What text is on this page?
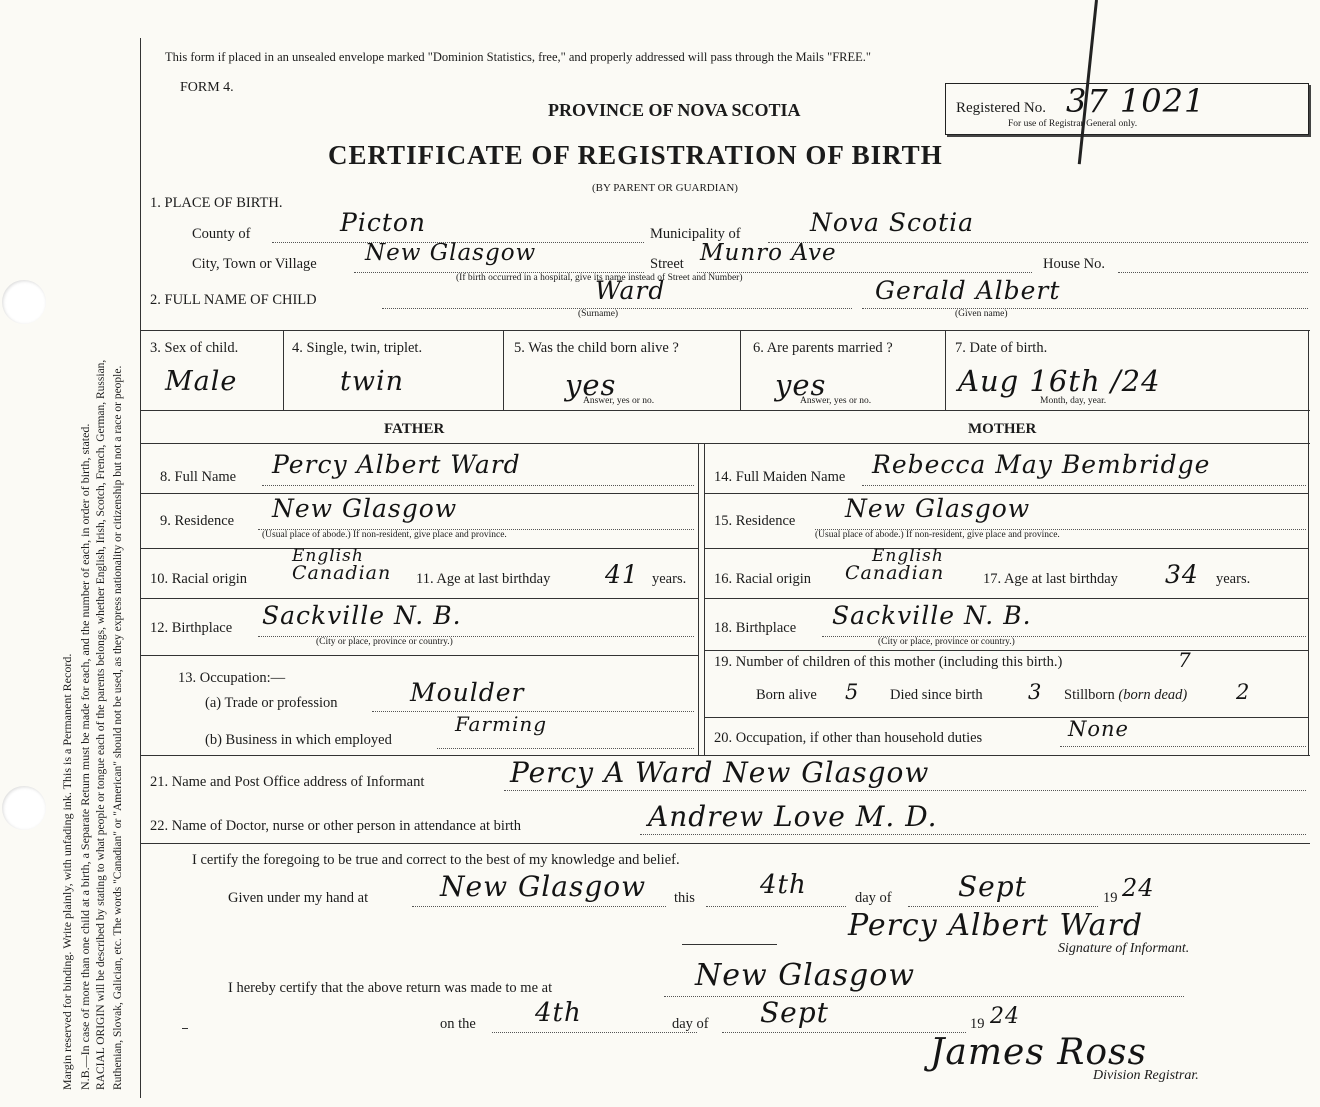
Margin reserved for binding. Write plainly, with unfading ink. This is a Permanent Record. N.B.—In case of more than one child at a birth, a Separate Return must be made for each, and the number of each, in order of birth, stated. RACIAL ORIGIN will be described by stating to what people or tongue each of the parents belongs, whether English, Irish, Scotch, French, German, Russian, Ruthenian, Slovak, Galician, etc. The words "Canadian" or "American" should not be used, as they express nationality or citizenship but not a race or people.
This form if placed in an unsealed envelope marked "Dominion Statistics, free," and properly addressed will pass through the Mails "FREE."
FORM 4.
PROVINCE OF NOVA SCOTIA
CERTIFICATE OF REGISTRATION OF BIRTH
(BY PARENT OR GUARDIAN)
Registered No. 37 1021
For use of Registrar General only.
1. PLACE OF BIRTH.
County of	Picton	Municipality of	Nova Scotia
City, Town or Village New Glasgow
(If birth occurred in a hospital, give its name instead of Street and Number)
Street Munro Ave	House No.
2. FULL NAME OF CHILD	Ward
(Surname)
Gerald Albert
(Given name)
3. Sex of child.
Male
4. Single, twin, triplet.
twin
5. Was the child born alive ?
yes
Answer, yes or no.
6. Are parents married ?
yes
Answer, yes or no.
7. Date of birth.
Aug 16th /24
Month, day, year.
FATHER	MOTHER
8. Full Name Percy Albert Ward
9. Residence New Glasgow
(Usual place of abode.) If non-resident, give place and province.
10. Racial origin
English
Canadian 11. Age at last birthday 41 years.
12. Birthplace Sackville N. B.
(City or place, province or country.)
13. Occupation:—
(a) Trade or profession	Moulder
(b) Business in which employed
Farming
14. Full Maiden Name Rebecca May Bembridge
15. Residence New Glasgow
(Usual place of abode.) If non-resident, give place and province.
16. Racial origin
English
Canadian	17. Age at last birthday 34 years.
18. Birthplace Sackville N. B.
(City or place, province or country.)
19. Number of children of this mother (including this birth.)	7
Born alive 5 Died since birth 3 Stillborn (born dead) 2
20. Occupation, if other than household duties	None
21. Name and Post Office address of Informant	Percy A Ward New Glasgow
22. Name of Doctor, nurse or other person in attendance at birth	Andrew Love M. D.
I certify the foregoing to be true and correct to the best of my knowledge and belief.
Given under my hand at	New Glasgow this	4th	day of Sept	19 24
Percy Albert Ward
Signature of Informant.
I hereby certify that the above return was made to me at	New Glasgow
on the 4th	day of Sept	19 24
James Ross
Division Registrar.
